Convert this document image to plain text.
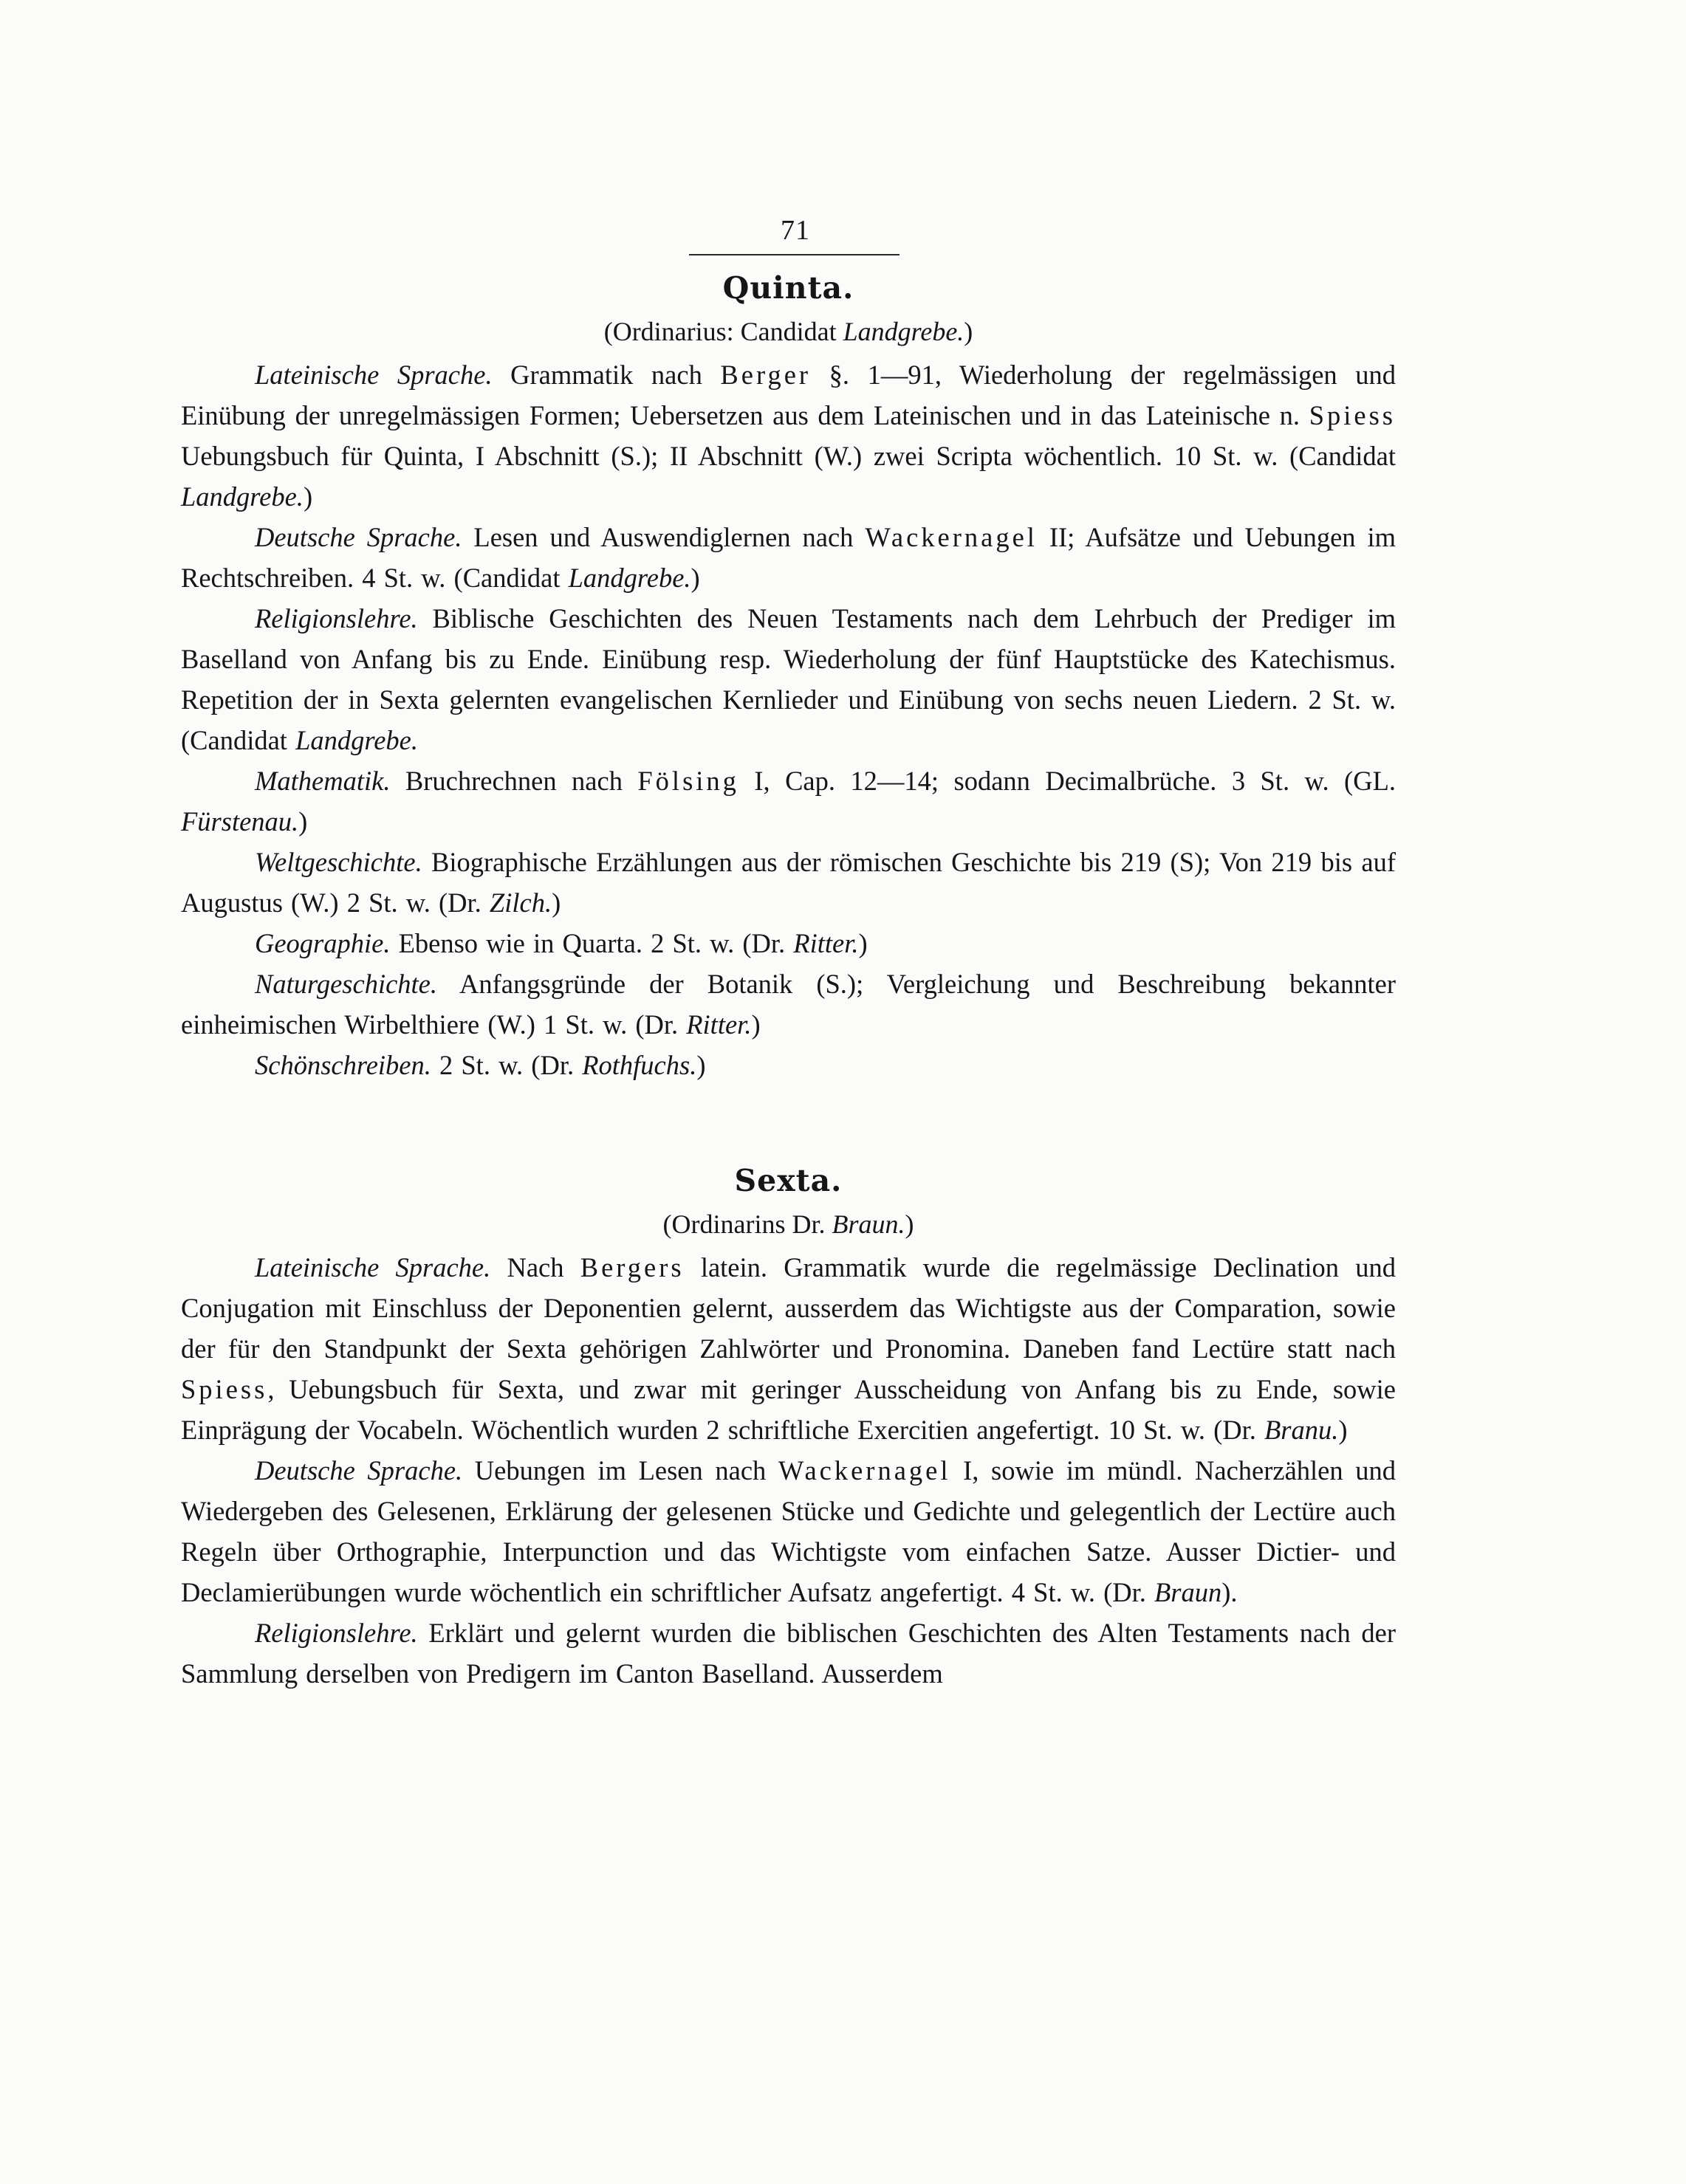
71
Quinta.
(Ordinarius: Candidat Landgrebe.)

Lateinische Sprache. Grammatik nach Berger §. 1—91, Wiederholung der regelmässigen und Einübung der unregelmässigen Formen; Uebersetzen aus dem Lateinischen und in das Lateinische n. Spiess Uebungsbuch für Quinta, I Abschnitt (S.); II Abschnitt (W.) zwei Scripta wöchentlich. 10 St. w. (Candidat Landgrebe.)

Deutsche Sprache. Lesen und Auswendiglernen nach Wackernagel II; Aufsätze und Uebungen im Rechtschreiben. 4 St. w. (Candidat Landgrebe.)

Religionslehre. Biblische Geschichten des Neuen Testaments nach dem Lehrbuch der Prediger im Baselland von Anfang bis zu Ende. Einübung resp. Wiederholung der fünf Hauptstücke des Katechismus. Repetition der in Sexta gelernten evangelischen Kernlieder und Einübung von sechs neuen Liedern. 2 St. w. (Candidat Landgrebe.

Mathematik. Bruchrechnen nach Fölsing I, Cap. 12—14; sodann Decimalbrüche. 3 St. w. (GL. Fürstenau.)

Weltgeschichte. Biographische Erzählungen aus der römischen Geschichte bis 219 (S); Von 219 bis auf Augustus (W.) 2 St. w. (Dr. Zilch.)

Geographie. Ebenso wie in Quarta. 2 St. w. (Dr. Ritter.)

Naturgeschichte. Anfangsgründe der Botanik (S.); Vergleichung und Beschreibung bekannter einheimischen Wirbelthiere (W.) 1 St. w. (Dr. Ritter.)

Schönschreiben. 2 St. w. (Dr. Rothfuchs.)

Sexta.
(Ordinarins Dr. Braun.)

Lateinische Sprache. Nach Bergers latein. Grammatik wurde die regelmässige Declination und Conjugation mit Einschluss der Deponentien gelernt, ausserdem das Wichtigste aus der Comparation, sowie der für den Standpunkt der Sexta gehörigen Zahlwörter und Pronomina. Daneben fand Lectüre statt nach Spiess, Uebungsbuch für Sexta, und zwar mit geringer Ausscheidung von Anfang bis zu Ende, sowie Einprägung der Vocabeln. Wöchentlich wurden 2 schriftliche Exercitien angefertigt. 10 St. w. (Dr. Branu.)

Deutsche Sprache. Uebungen im Lesen nach Wackernagel I, sowie im mündl. Nacherzählen und Wiedergeben des Gelesenen, Erklärung der gelesenen Stücke und Gedichte und gelegentlich der Lectüre auch Regeln über Orthographie, Interpunction und das Wichtigste vom einfachen Satze. Ausser Dictier- und Declamierübungen wurde wöchentlich ein schriftlicher Aufsatz angefertigt. 4 St. w. (Dr. Braun).

Religionslehre. Erklärt und gelernt wurden die biblischen Geschichten des Alten Testaments nach der Sammlung derselben von Predigern im Canton Baselland. Ausserdem
